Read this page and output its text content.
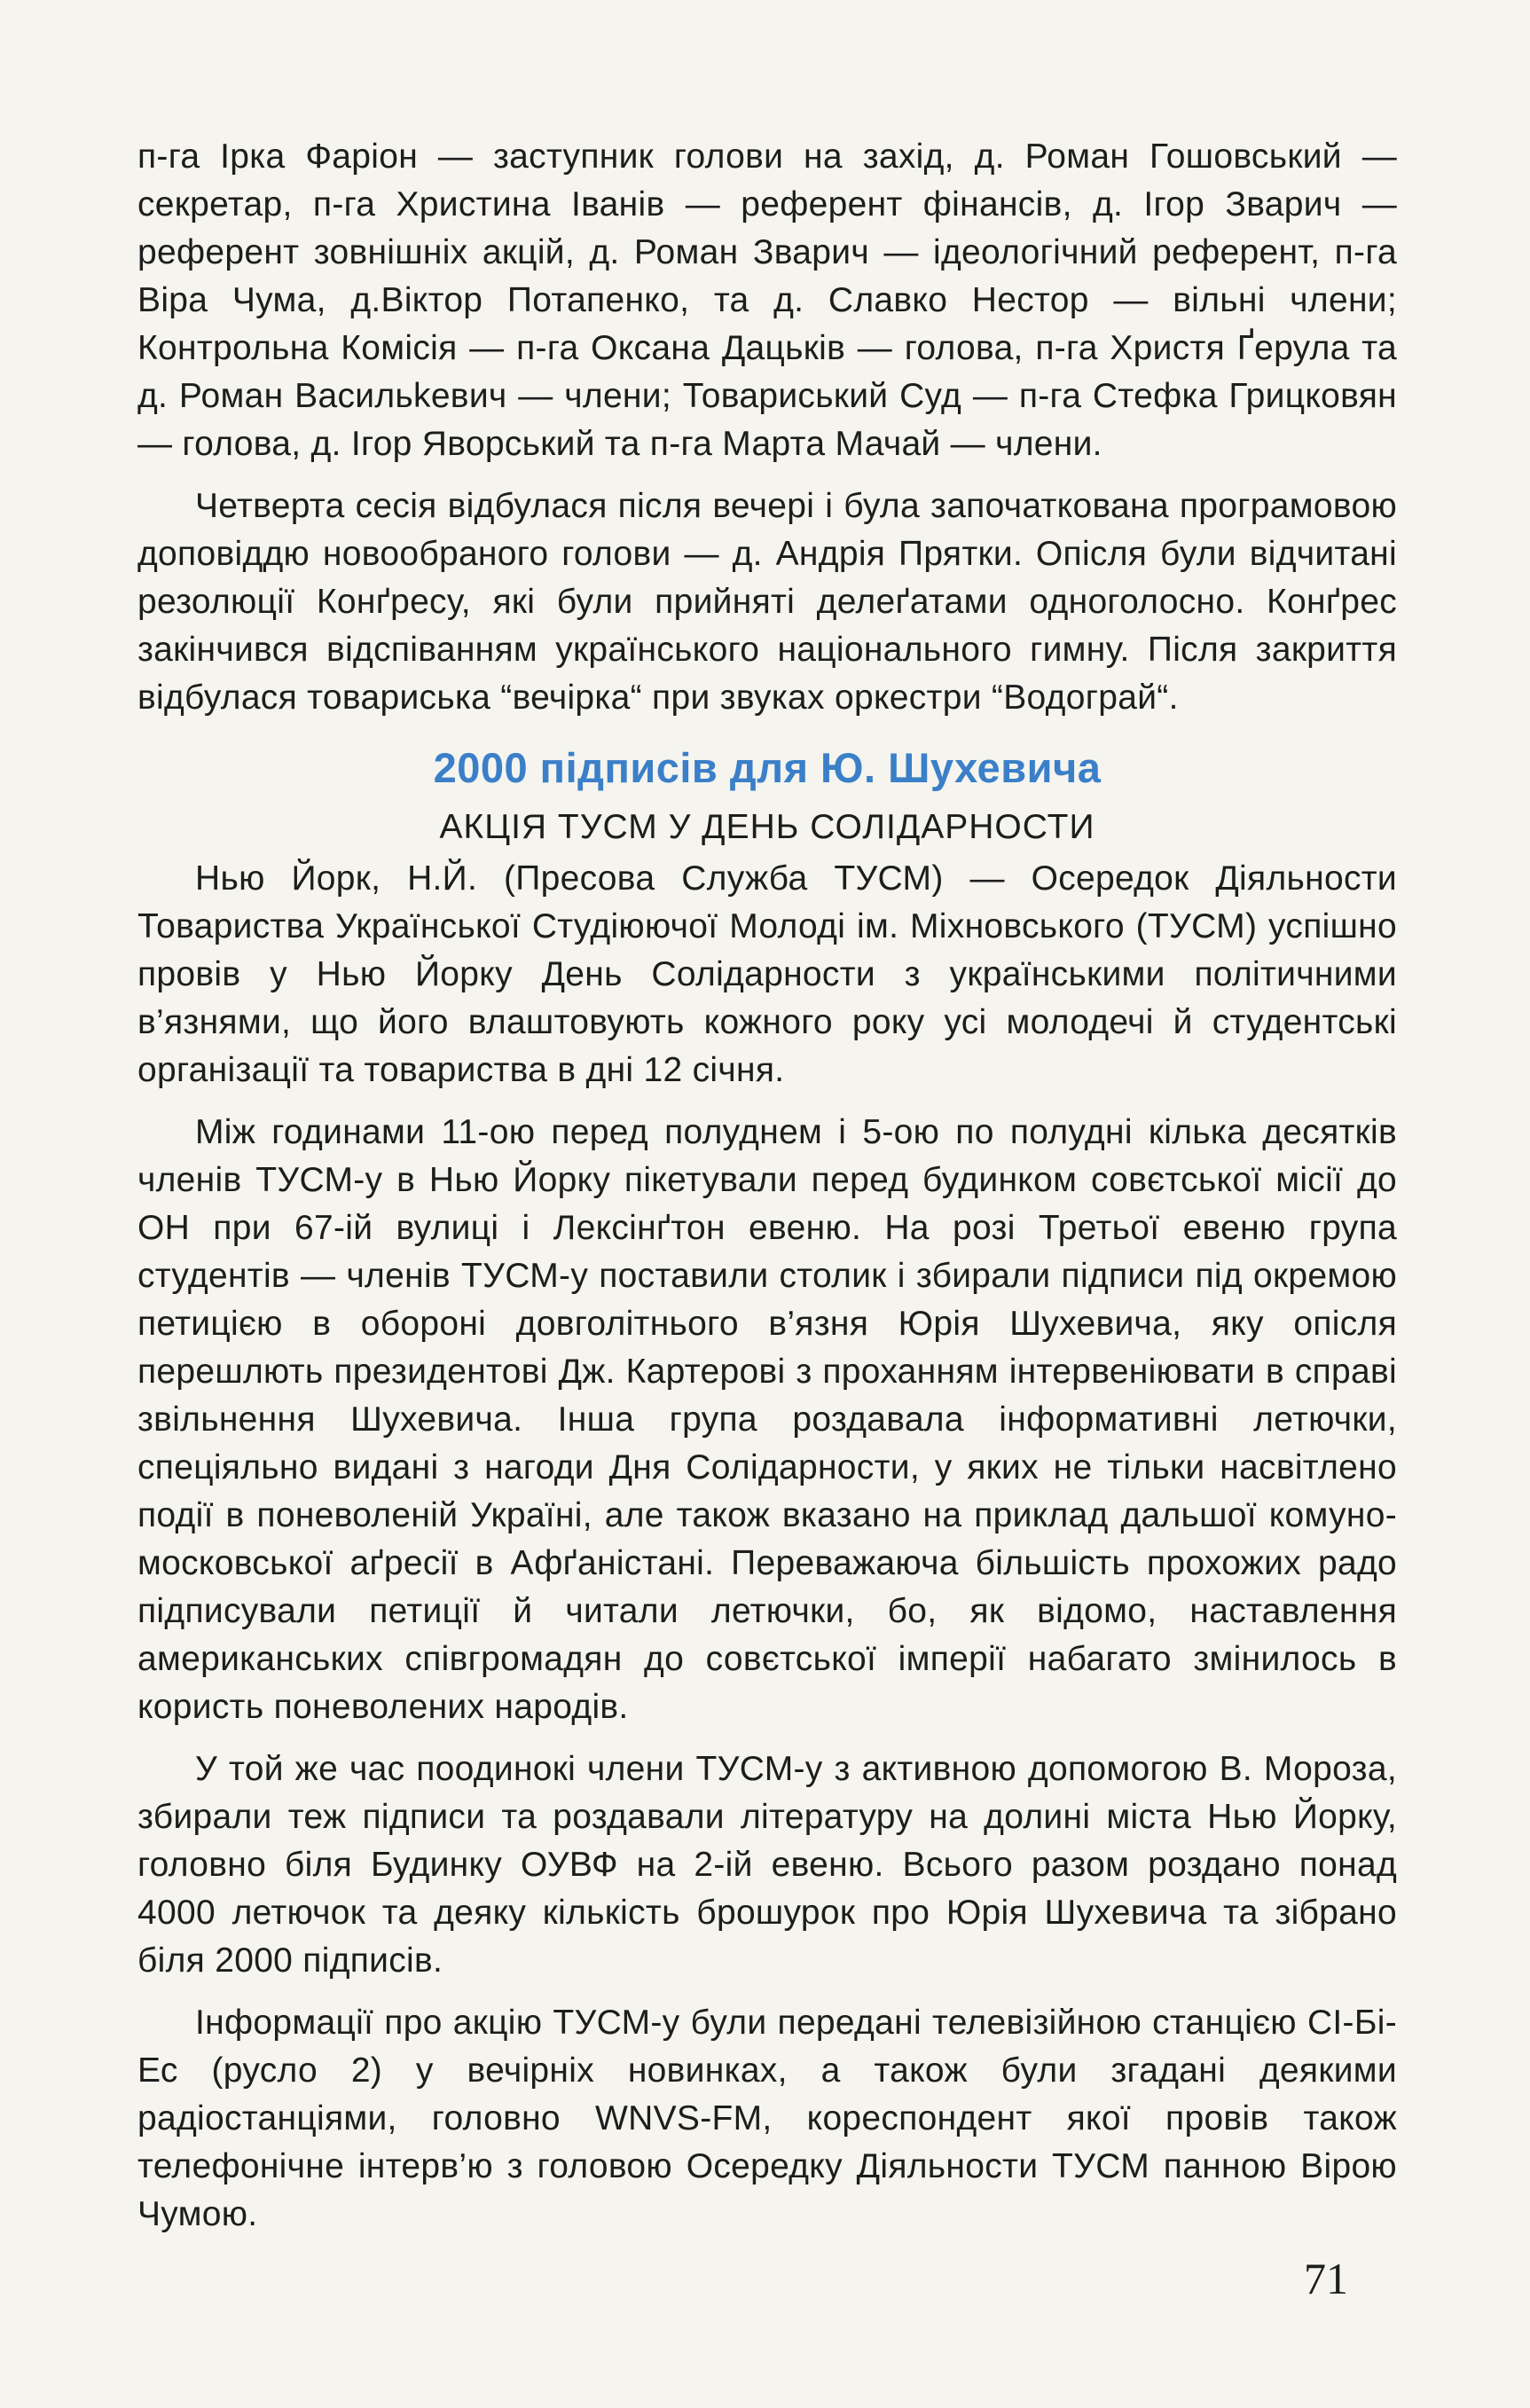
п-га Ірка Фаріон — заступник голови на захід, д. Роман Гошовський — секретар, п-га Христина Іванів — референт фінансів, д. Ігор Зварич — референт зовнішніх акцій, д. Роман Зварич — ідеологічний референт, п-га Віра Чума, д.Віктор Потапенко, та д. Славко Нестор — вільні члени; Контрольна Комісія — п-га Оксана Дацьків — голова, п-га Христя Ґерула та д. Роман Васильkевич — члени; Товариський Суд — п-га Стефка Грицковян — голова, д. Ігор Яворський та п-га Марта Мачай — члени.

Четверта сесія відбулася після вечері і була започаткована програмовою доповіддю новообраного голови — д. Андрія Прятки. Опісля були відчитані резолюції Конґресу, які були прийняті делеґатами одноголосно. Конґрес закінчився відспіванням українського національного гимну. Після закриття відбулася товариська “вечірка“ при звуках оркестри “Водограй“.

2000 підписів для Ю. Шухевича
АКЦІЯ ТУСМ У ДЕНЬ СОЛІДАРНОСТИ

Нью Йорк, Н.Й. (Пресова Служба ТУСМ) — Осередок Діяльности Товариства Української Студіюючої Молоді ім. Міхновського (ТУСМ) успішно провів у Нью Йорку День Солідарности з українськими політичними в’язнями, що його влаштовують кожного року усі молодечі й студентські організації та товариства в дні 12 січня.

Між годинами 11-ою перед полуднем і 5-ою по полудні кілька десятків членів ТУСМ-у в Нью Йорку пікетували перед будинком совєтської місії до ОН при 67-ій вулиці і Лексінґтон евеню. На розі Третьої евеню група студентів — членів ТУСМ-у поставили столик і збирали підписи під окремою петицією в обороні довголітнього в’язня Юрія Шухевича, яку опісля перешлють президентові Дж. Картерові з проханням інтервеніювати в справі звільнення Шухевича. Інша група роздавала інформативні летючки, спеціяльно видані з нагоди Дня Солідарности, у яких не тільки насвітлено події в поневоленій Україні, але також вказано на приклад дальшої комуно-московської аґресії в Афґаністані. Переважаюча більшість прохожих радо підписували петиції й читали летючки, бо, як відомо, наставлення американських співгромадян до совєтської імперії набагато змінилось в користь поневолених народів.

У той же час поодинокі члени ТУСМ-у з активною допомогою В. Мороза, збирали теж підписи та роздавали літературу на долині міста Нью Йорку, головно біля Будинку ОУВФ на 2-ій евеню. Всього разом роздано понад 4000 летючок та деяку кількість брошурок про Юрія Шухевича та зібрано біля 2000 підписів.

Інформації про акцію ТУСМ-у були передані телевізійною станцією СІ-Бі-Ес (русло 2) у вечірніх новинках, а також були згадані деякими радіостанціями, головно WNVS-FM, кореспондент якої провів також телефонічне інтерв’ю з головою Осередку Діяльности ТУСМ панною Вірою Чумою.

71
